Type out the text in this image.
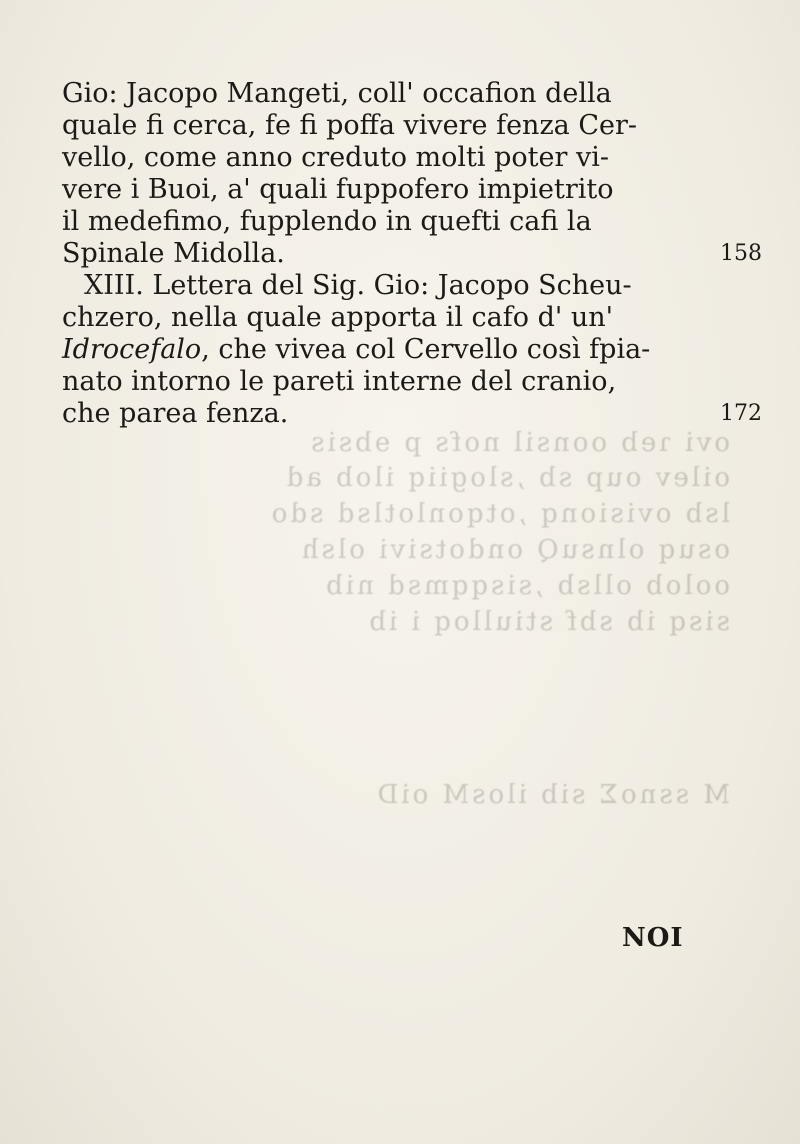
ovi ɿeb oonsil nofs p ɘbsis
oilev oup sb ,slogiiq ilob ad
lsb ovisionq ,otqonlotlsd sdo
osuq olnsuQ ondotsivi olsh
oolob ollsb ,sisqqmsd nib
sisq ib sbf stiulloq i ib
M ssnoΣ sib ilosM oiD
Gio: Jacopo Mangeti, coll' occafion della
quale fi cerca, fe fi poffa vivere fenza Cer-
vello, come anno creduto molti poter vi-
vere i Buoi, a' quali fuppofero impietrito
il medefimo, fupplendo in quefti cafi la
Spinale Midolla.	158
XIII. Lettera del Sig. Gio: Jacopo Scheu-
chzero, nella quale apporta il cafo d' un'
Idrocefalo, che vivea col Cervello così fpia-
nato intorno le pareti interne del cranio,
che parea fenza.	172
NOI
